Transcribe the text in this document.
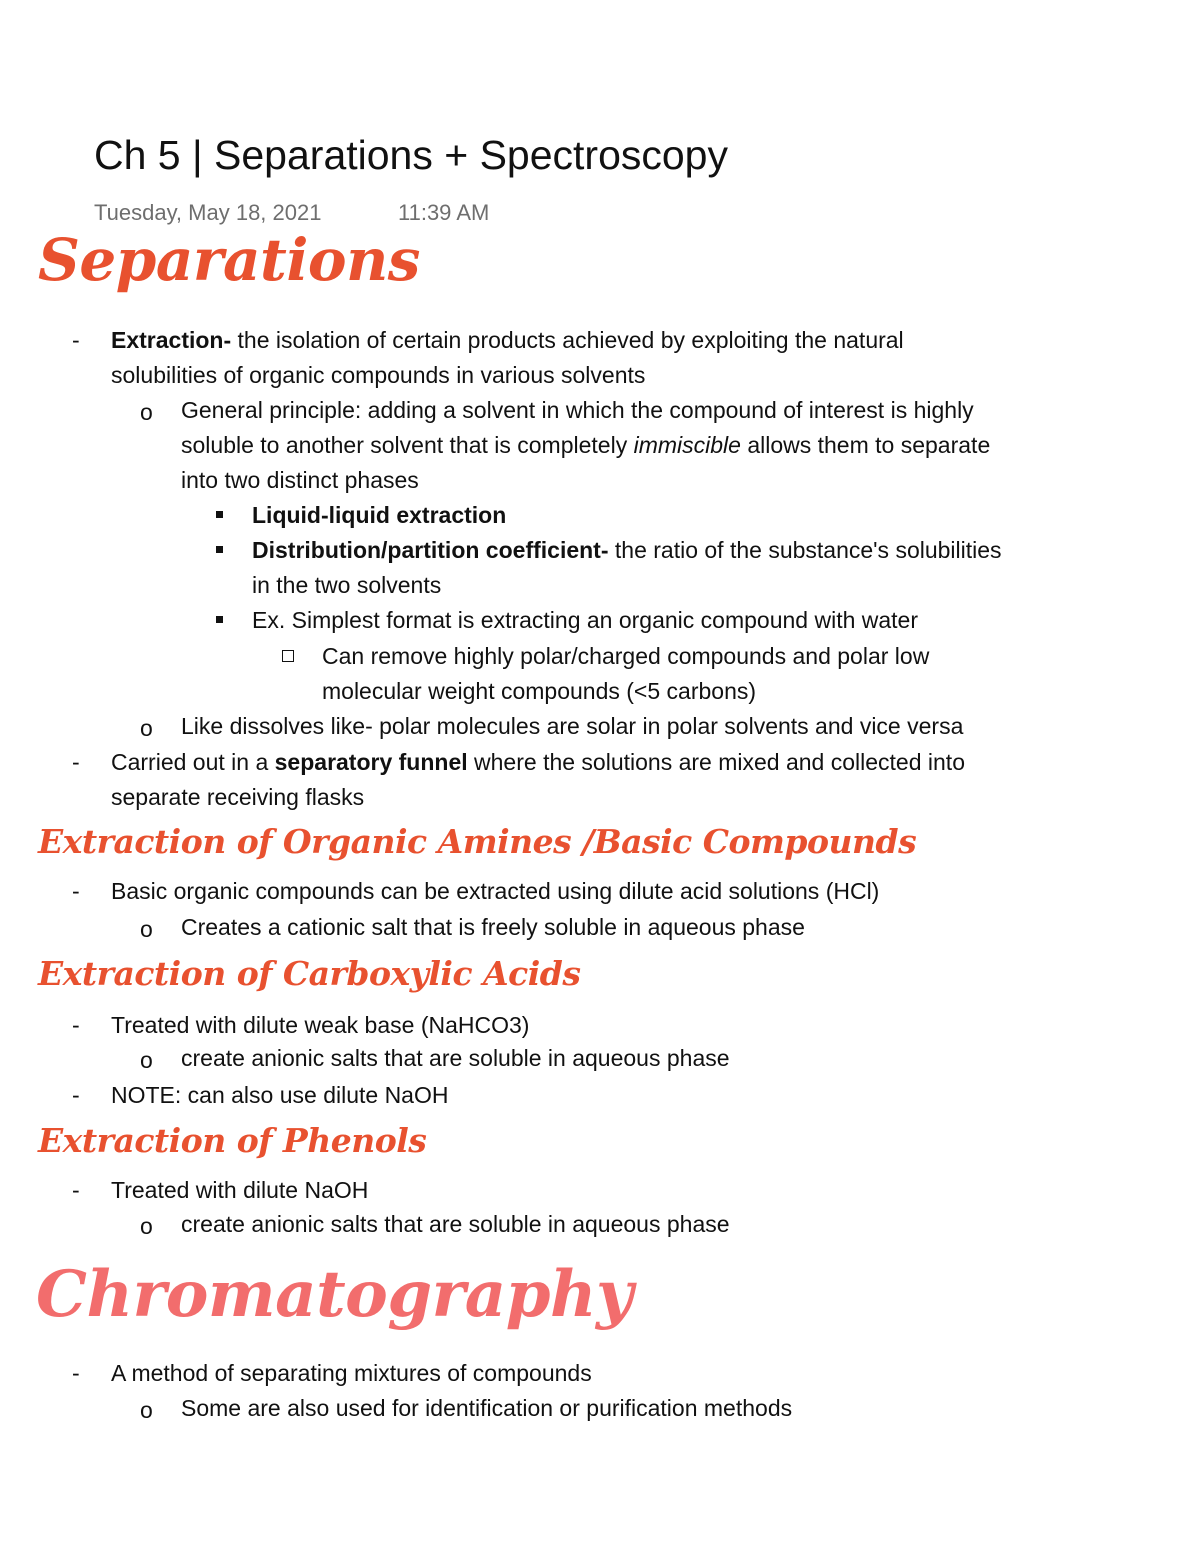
Ch 5 | Separations + Spectroscopy
Tuesday, May 18, 2021	11:39 AM
Separations
- Extraction- the isolation of certain products achieved by exploiting the natural
solubilities of organic compounds in various solvents
o General principle: adding a solvent in which the compound of interest is highly
soluble to another solvent that is completely immiscible allows them to separate
into two distinct phases
Liquid-liquid extraction
Distribution/partition coefficient- the ratio of the substance's solubilities
in the two solvents
Ex. Simplest format is extracting an organic compound with water
Can remove highly polar/charged compounds and polar low
molecular weight compounds (<5 carbons)
o Like dissolves like- polar molecules are solar in polar solvents and vice versa
- Carried out in a separatory funnel where the solutions are mixed and collected into
separate receiving flasks
Extraction of Organic Amines /Basic Compounds
- Basic organic compounds can be extracted using dilute acid solutions (HCl)
o Creates a cationic salt that is freely soluble in aqueous phase
Extraction of Carboxylic Acids
- Treated with dilute weak base (NaHCO3)
o create anionic salts that are soluble in aqueous phase
- NOTE: can also use dilute NaOH
Extraction of Phenols
- Treated with dilute NaOH
o create anionic salts that are soluble in aqueous phase
Chromatography
- A method of separating mixtures of compounds
o Some are also used for identification or purification methods
